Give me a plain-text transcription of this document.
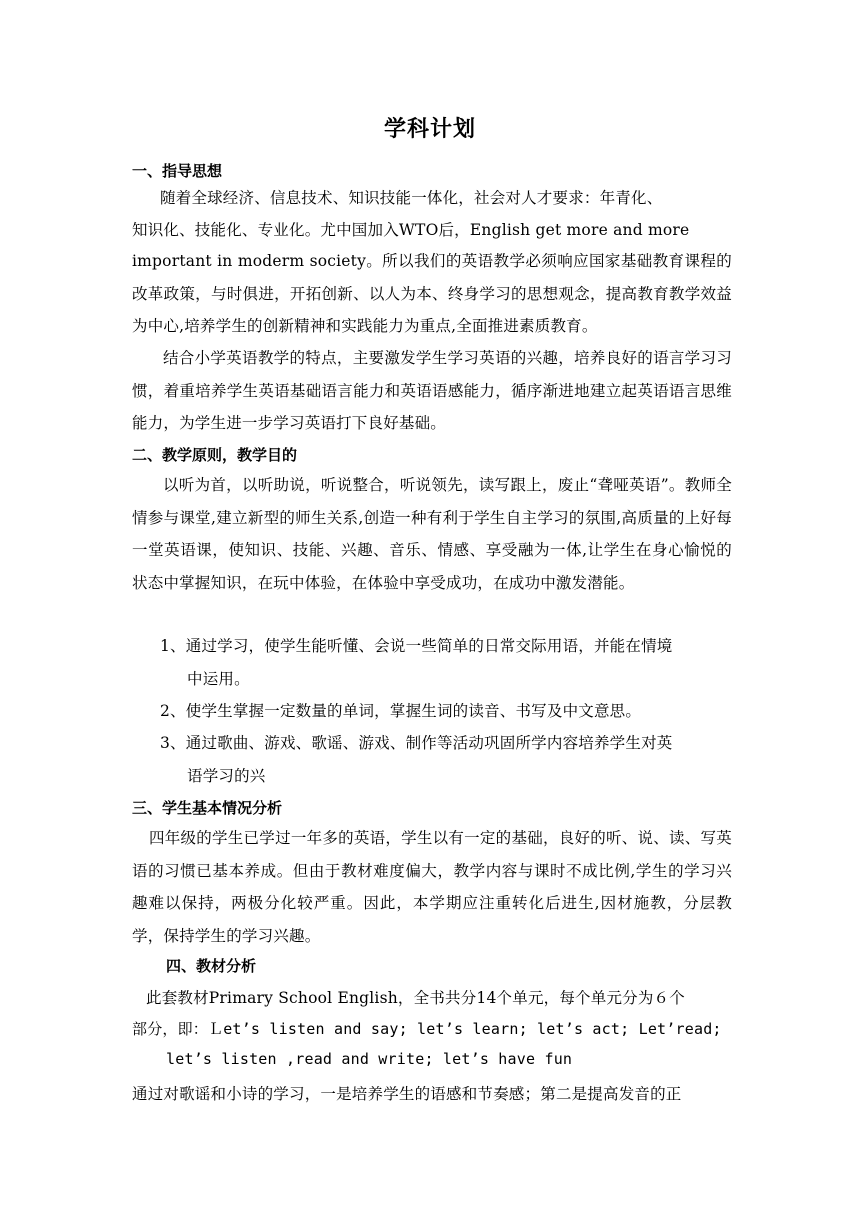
学科计划
一、指导思想
随着全球经济、信息技术、知识技能一体化，社会对人才要求：年青化、
知识化、技能化、专业化。尤中国加入WTO后，English get more and more
important in moderm society。所以我们的英语教学必须响应国家基础教育课程的改革政策，与时俱进，开拓创新、以人为本、终身学习的思想观念，提高教育教学效益为中心,培养学生的创新精神和实践能力为重点,全面推进素质教育。
结合小学英语教学的特点，主要激发学生学习英语的兴趣，培养良好的语言学习习惯，着重培养学生英语基础语言能力和英语语感能力，循序渐进地建立起英语语言思维能力，为学生进一步学习英语打下良好基础。
二、教学原则，教学目的
以听为首，以听助说，听说整合，听说领先，读写跟上，废止“聋哑英语”。教师全情参与课堂,建立新型的师生关系,创造一种有利于学生自主学习的氛围,高质量的上好每一堂英语课，使知识、技能、兴趣、音乐、情感、享受融为一体,让学生在身心愉悦的状态中掌握知识，在玩中体验，在体验中享受成功，在成功中激发潜能。
1、通过学习，使学生能听懂、会说一些简单的日常交际用语，并能在情境
中运用。
2、使学生掌握一定数量的单词，掌握生词的读音、书写及中文意思。
3、通过歌曲、游戏、歌谣、游戏、制作等活动巩固所学内容培养学生对英
语学习的兴
三、学生基本情况分析
四年级的学生已学过一年多的英语，学生以有一定的基础，良好的听、说、读、写英语的习惯已基本养成。但由于教材难度偏大，教学内容与课时不成比例,学生的学习兴趣难以保持，两极分化较严重。因此，本学期应注重转化后进生,因材施教，分层教学，保持学生的学习兴趣。
四、教材分析
此套教材Primary School English，全书共分14个单元，每个单元分为６个
部分，即：Ｌet’s listen and say; let’s learn; let’s act; Let’read;
let’s listen ,read and write; let’s have fun
通过对歌谣和小诗的学习，一是培养学生的语感和节奏感；第二是提高发音的正
